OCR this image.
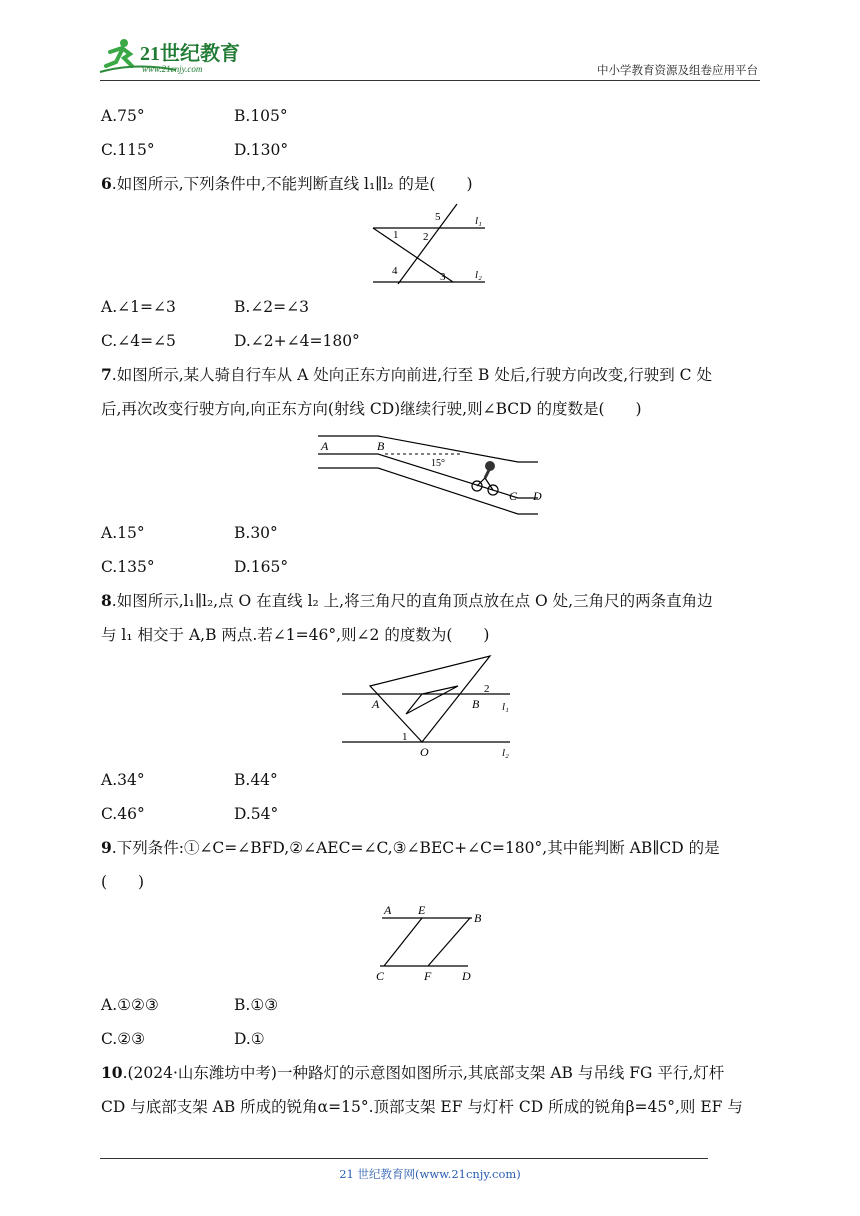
21世纪教育
www.21cnjy.com	中小学教育资源及组卷应用平台
A.75°	B.105°
C.115°	D.130°
6.如图所示,下列条件中,不能判断直线 l₁∥l₂ 的是(　　)
1 2
3
4
5	l₁
l₂
A.∠1=∠3	B.∠2=∠3
C.∠4=∠5	D.∠2+∠4=180°
7.如图所示,某人骑自行车从 A 处向正东方向前进,行至 B 处后,行驶方向改变,行驶到 C 处
后,再次改变行驶方向,向正东方向(射线 CD)继续行驶,则∠BCD 的度数是(　　)
A	B
15°
C D
A.15°	B.30°
C.135°	D.165°
8.如图所示,l₁∥l₂,点 O 在直线 l₂ 上,将三角尺的直角顶点放在点 O 处,三角尺的两条直角边
与 l₁ 相交于 A,B 两点.若∠1=46°,则∠2 的度数为(　　)
A	B
O
1
2
l₁
l₂
A.34°	B.44°
C.46°	D.54°
9.下列条件:①∠C=∠BFD,②∠AEC=∠C,③∠BEC+∠C=180°,其中能判断 AB∥CD 的是
(　　)
A E
B
C	F	D
A.①②③	B.①③
C.②③	D.①
10.(2024·山东潍坊中考)一种路灯的示意图如图所示,其底部支架 AB 与吊线 FG 平行,灯杆
CD 与底部支架 AB 所成的锐角α=15°.顶部支架 EF 与灯杆 CD 所成的锐角β=45°,则 EF 与
21 世纪教育网(www.21cnjy.com)
